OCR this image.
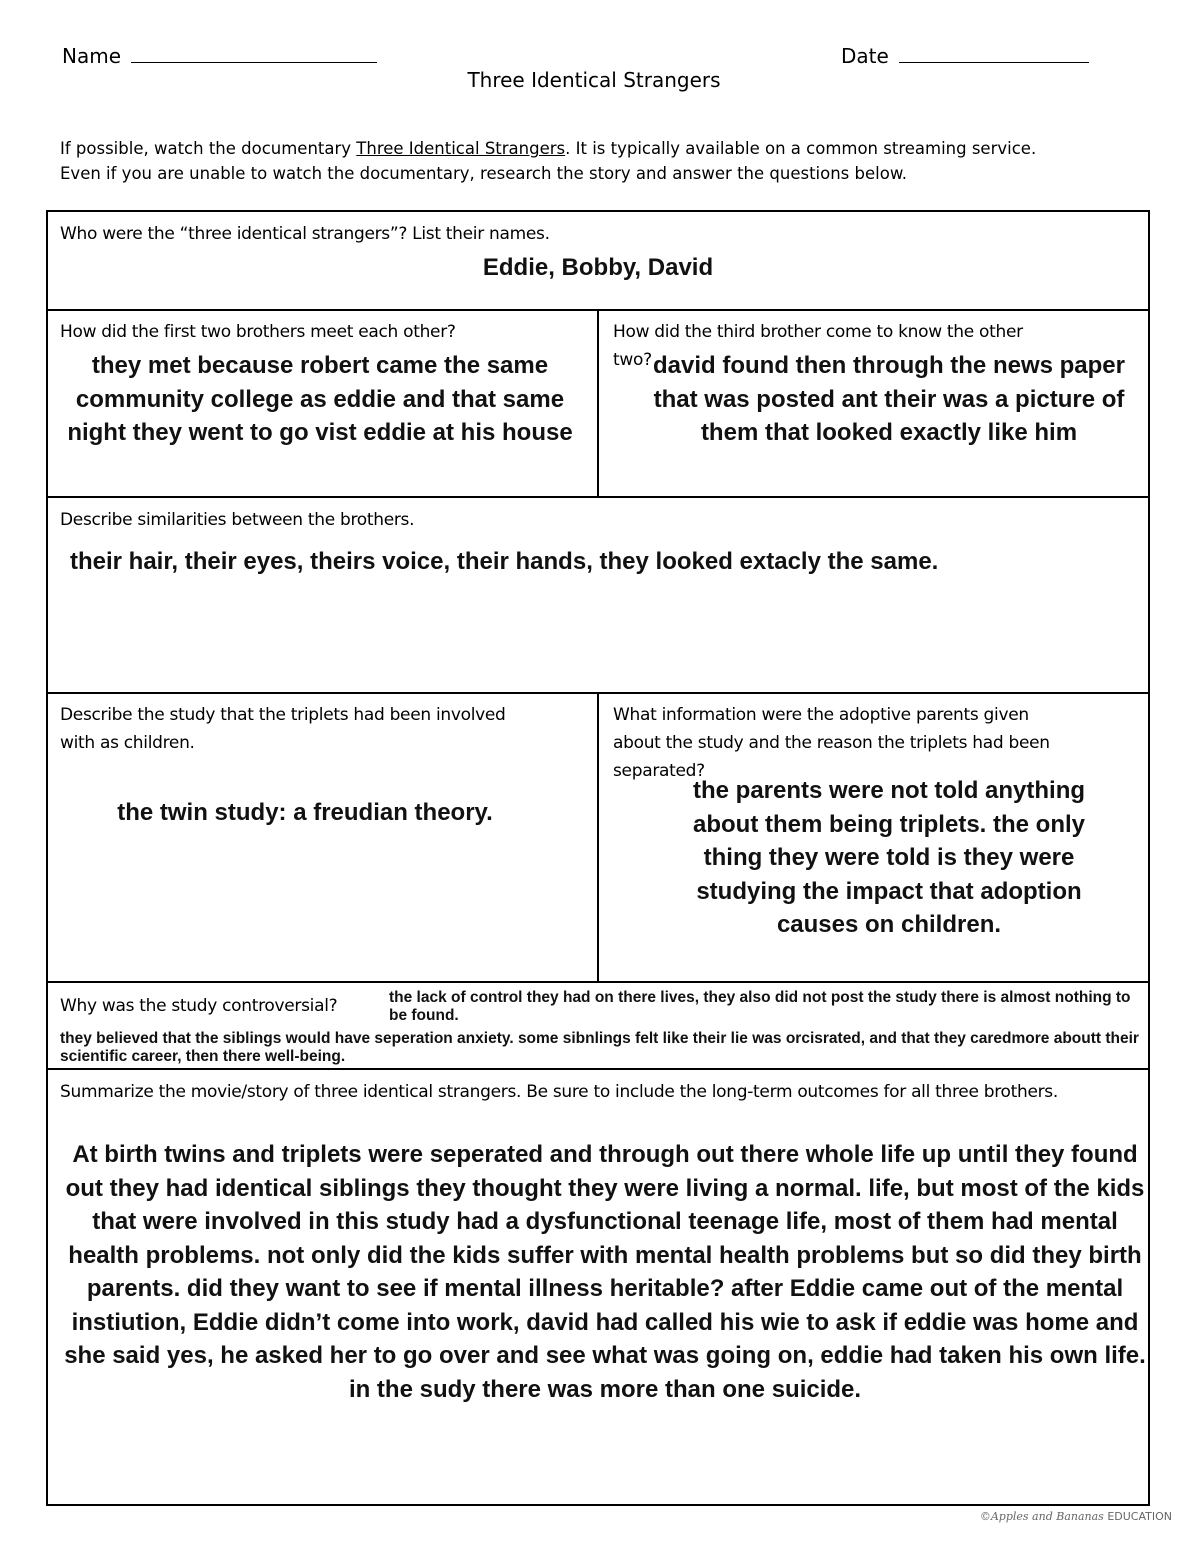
Name	Date
Three Identical Strangers
If possible, watch the documentary Three Identical Strangers. It is typically available on a common streaming service.
Even if you are unable to watch the documentary, research the story and answer the questions below.
Who were the “three identical strangers”? List their names.
Eddie, Bobby, David
How did the first two brothers meet each other?
they met because robert came the same community college as eddie and that same night they went to go vist eddie at his house
How did the third brother come to know the other
two? david found then through the news paper that was posted ant their was a picture of them that looked exactly like him
Describe similarities between the brothers.
their hair, their eyes, theirs voice, their hands, they looked extacly the same.
Describe the study that the triplets had been involved
with as children.
the twin study: a freudian theory.
What information were the adoptive parents given
about the study and the reason the triplets had been
separated?
the parents were not told anything about them being triplets. the only thing they were told is they were studying the impact that adoption causes on children.
Why was the study controversial?	the lack of control they had on there lives, they also did not post the study there is almost nothing to be found.
they believed that the siblings would have seperation anxiety. some sibnlings felt like their lie was orcisrated, and that they caredmore aboutt their scientific career, then there well-being.
Summarize the movie/story of three identical strangers. Be sure to include the long-term outcomes for all three brothers.
At birth twins and triplets were seperated and through out there whole life up until they found out they had identical siblings they thought they were living a normal. life, but most of the kids that were involved in this study had a dysfunctional teenage life, most of them had mental health problems. not only did the kids suffer with mental health problems but so did they birth parents. did they want to see if mental illness heritable? after Eddie came out of the mental instiution, Eddie didn’t come into work, david had called his wie to ask if eddie was home and she said yes, he asked her to go over and see what was going on, eddie had taken his own life. in the sudy there was more than one suicide.
©Apples and Bananas EDUCATION
